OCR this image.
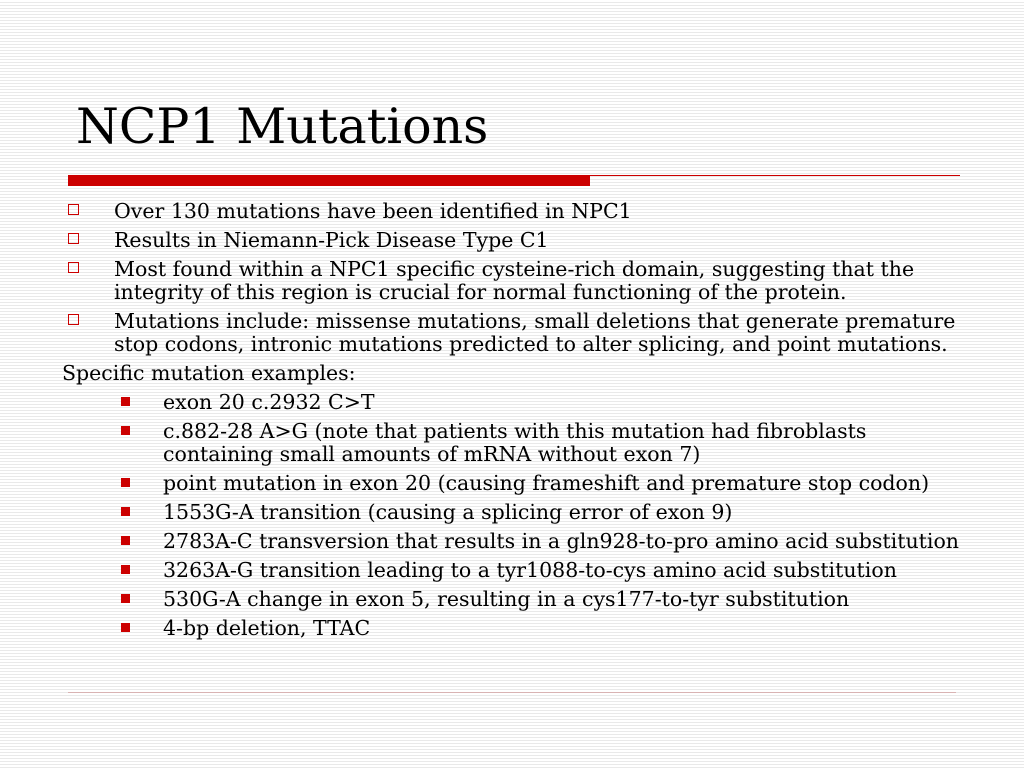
NCP1 Mutations
Over 130 mutations have been identified in NPC1
Results in Niemann-Pick Disease Type C1
Most found within a NPC1 specific cysteine-rich domain, suggesting that the integrity of this region is crucial for normal functioning of the protein.
Mutations include: missense mutations, small deletions that generate premature stop codons, intronic mutations predicted to alter splicing, and point mutations.
Specific mutation examples:
exon 20 c.2932 C>T
c.882-28 A>G (note that patients with this mutation had fibroblasts containing small amounts of mRNA without exon 7)
point mutation in exon 20 (causing frameshift and premature stop codon)
1553G-A transition (causing a splicing error of exon 9)
2783A-C transversion that results in a gln928-to-pro amino acid substitution
3263A-G transition leading to a tyr1088-to-cys amino acid substitution
530G-A change in exon 5, resulting in a cys177-to-tyr substitution
4-bp deletion, TTAC
